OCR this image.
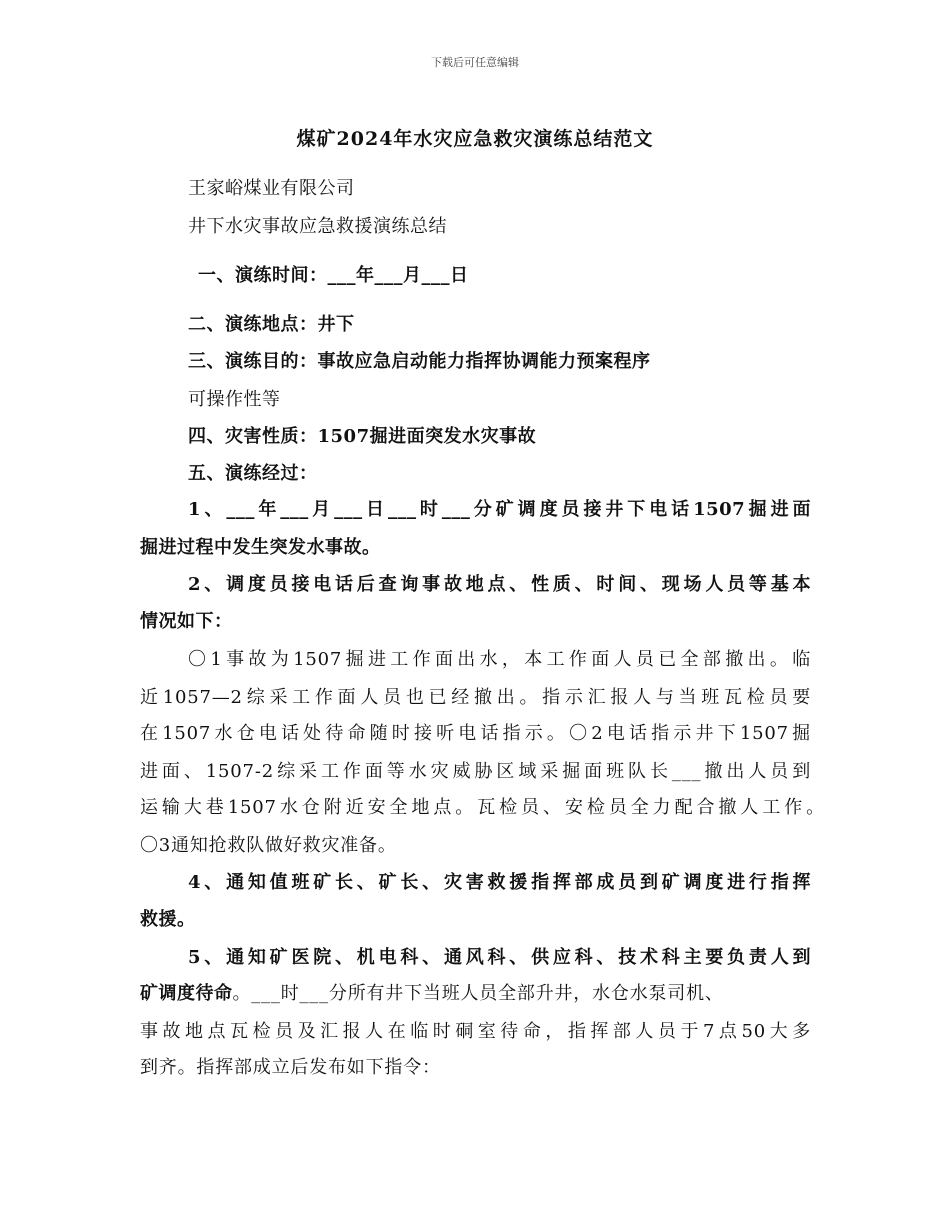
下载后可任意编辑
煤矿2024年水灾应急救灾演练总结范文
王家峪煤业有限公司
井下水灾事故应急救援演练总结
一、演练时间：___年___月___日
二、演练地点：井下
三、演练目的：事故应急启动能力指挥协调能力预案程序
可操作性等
四、灾害性质：1507掘进面突发水灾事故
五、演练经过：
1、___年___月___日___时___分矿调度员接井下电话1507掘进面
掘进过程中发生突发水事故。
2、调度员接电话后查询事故地点、性质、时间、现场人员等基本
情况如下：
〇1事故为1507掘进工作面出水，本工作面人员已全部撤出。临
近1057—2综采工作面人员也已经撤出。指示汇报人与当班瓦检员要
在1507水仓电话处待命随时接听电话指示。〇2电话指示井下1507掘
进面、1507-2综采工作面等水灾威胁区域采掘面班队长___撤出人员到
运输大巷1507水仓附近安全地点。瓦检员、安检员全力配合撤人工作。
〇3通知抢救队做好救灾准备。
4、通知值班矿长、矿长、灾害救援指挥部成员到矿调度进行指挥
救援。
5、通知矿医院、机电科、通风科、供应科、技术科主要负责人到
矿调度待命。___时___分所有井下当班人员全部升井，水仓水泵司机、
事故地点瓦检员及汇报人在临时硐室待命，指挥部人员于7点50大多
到齐。指挥部成立后发布如下指令：
